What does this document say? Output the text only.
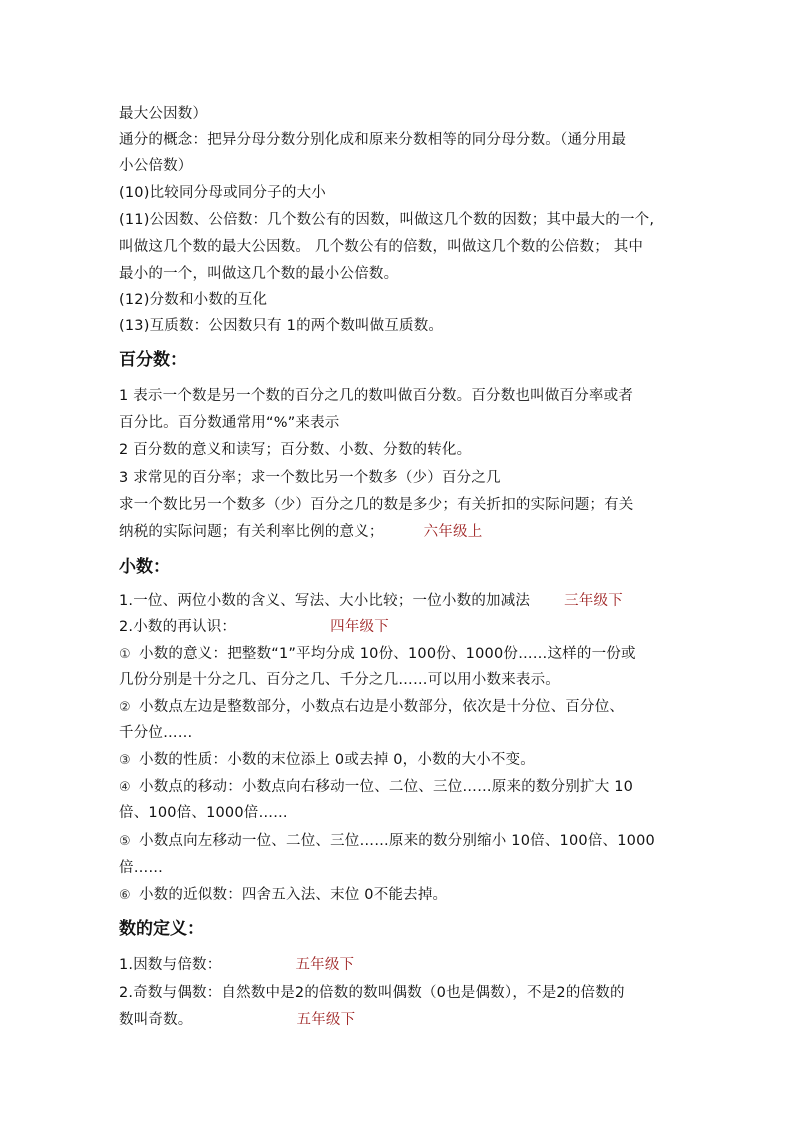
最大公因数）
通分的概念：把异分母分数分别化成和原来分数相等的同分母分数。（通分用最
小公倍数）
(10)比较同分母或同分子的大小
(11)公因数、公倍数：几个数公有的因数，叫做这几个数的因数；其中最大的一个,
叫做这几个数的最大公因数。 几个数公有的倍数，叫做这几个数的公倍数； 其中
最小的一个，叫做这几个数的最小公倍数。
(12)分数和小数的互化
(13)互质数：公因数只有 1的两个数叫做互质数。
百分数：
1 表示一个数是另一个数的百分之几的数叫做百分数。百分数也叫做百分率或者
百分比。百分数通常用“%”来表示
2 百分数的意义和读写；百分数、小数、分数的转化。
3 求常见的百分率；求一个数比另一个数多（少）百分之几
求一个数比另一个数多（少）百分之几的数是多少；有关折扣的实际问题；有关
纳税的实际问题；有关利率比例的意义；	六年级上
小数：
1.一位、两位小数的含义、写法、大小比较；一位小数的加减法 三年级下
2.小数的再认识：	四年级下
① 小数的意义：把整数“1”平均分成 10份、100份、1000份……这样的一份或
几份分别是十分之几、百分之几、千分之几……可以用小数来表示。
② 小数点左边是整数部分，小数点右边是小数部分，依次是十分位、百分位、
千分位……
③ 小数的性质：小数的末位添上 0或去掉 0，小数的大小不变。
④ 小数点的移动：小数点向右移动一位、二位、三位……原来的数分别扩大 10
倍、100倍、1000倍……
⑤ 小数点向左移动一位、二位、三位……原来的数分别缩小 10倍、100倍、1000
倍……
⑥ 小数的近似数：四舍五入法、末位 0不能去掉。
数的定义：
1.因数与倍数：	五年级下
2.奇数与偶数：自然数中是2的倍数的数叫偶数（0也是偶数），不是2的倍数的
数叫奇数。	五年级下
